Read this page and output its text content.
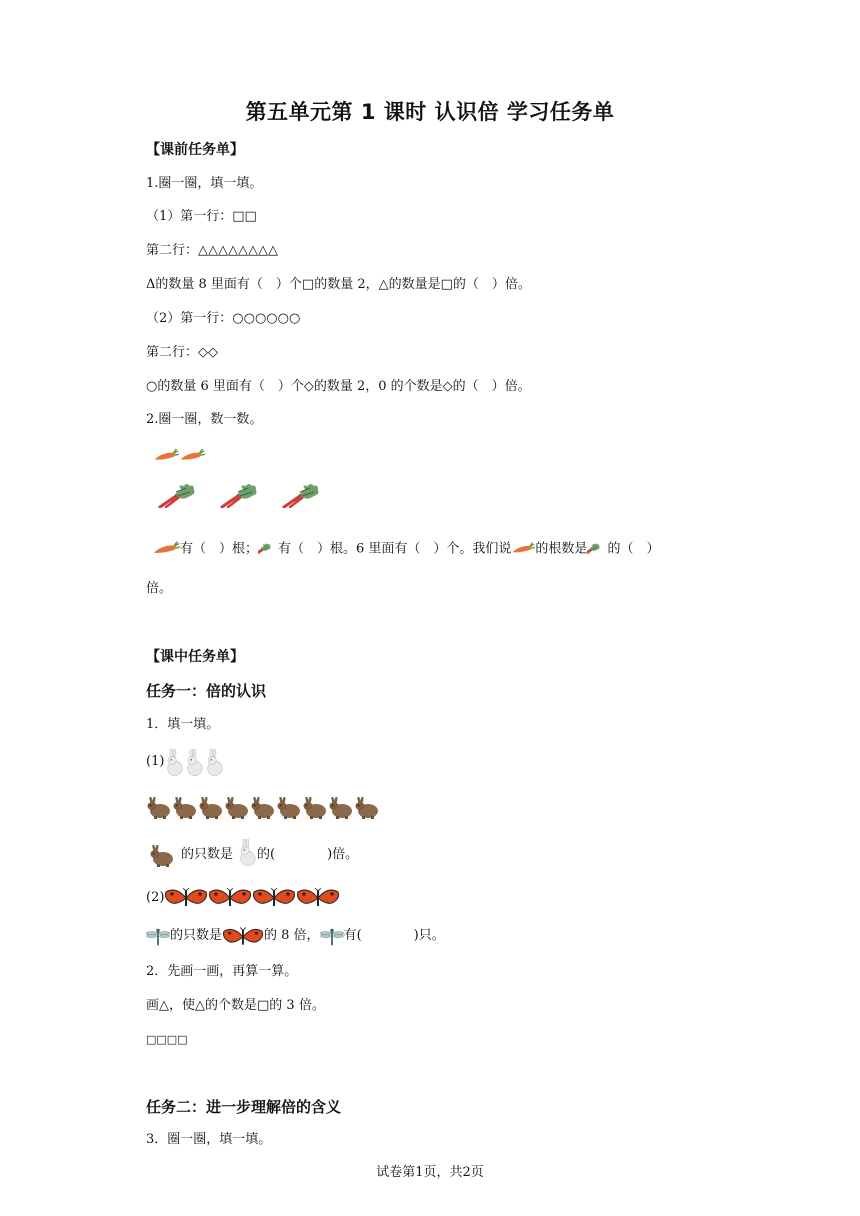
第五单元第 1 课时 认识倍 学习任务单
【课前任务单】
1.圈一圈，填一填。
（1）第一行：□□
第二行：△△△△△△△△
Δ的数量 8 里面有（　）个□的数量 2，△的数量是□的（　）倍。
（2）第一行：○○○○○○
第二行：◇◇
○的数量 6 里面有（　）个◇的数量 2，0 的个数是◇的（　）倍。
2.圈一圈，数一数。
有（　）根； 有（　）根。6 里面有（　）个。我们说 的根数是 的（　）
倍。
【课中任务单】
任务一：倍的认识
1．填一填。
(1)
的只数是 的(　　　　)倍。
(2)
的只数是	的 8 倍， 有(　　　　)只。
2．先画一画，再算一算。
画△，使△的个数是□的 3 倍。
□□□□
任务二：进一步理解倍的含义
3．圈一圈，填一填。
试卷第1页，共2页
